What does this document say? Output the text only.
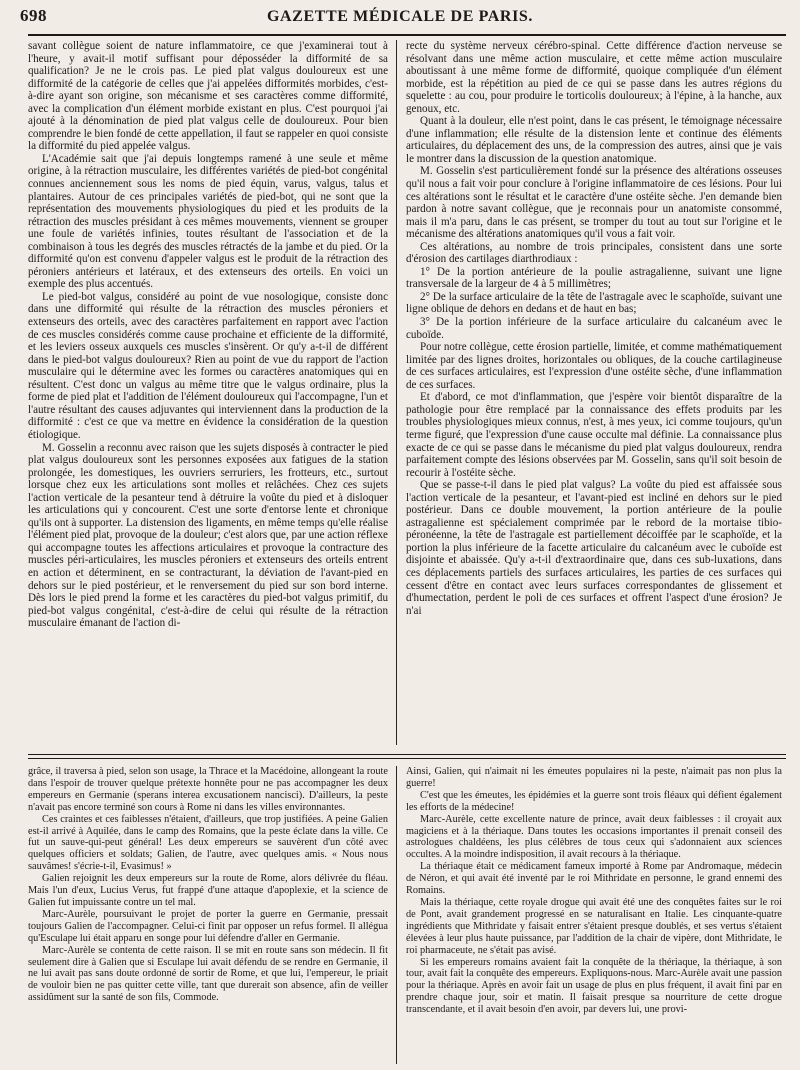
698	GAZETTE MÉDICALE DE PARIS.

savant collègue soient de nature inflammatoire, ce que j'examinerai tout à l'heure, y avait-il motif suffisant pour déposséder la difformité de sa qualification? Je ne le crois pas. Le pied plat valgus douloureux est une difformité de la catégorie de celles que j'ai appelées difformités morbides, c'est-à-dire ayant son origine, son mécanisme et ses caractères comme difformité, avec la complication d'un élément morbide existant en plus. C'est pourquoi j'ai ajouté à la dénomination de pied plat valgus celle de douloureux. Pour bien comprendre le bien fondé de cette appellation, il faut se rappeler en quoi consiste la difformité du pied appelée valgus.

L'Académie sait que j'ai depuis longtemps ramené à une seule et même origine, à la rétraction musculaire, les différentes variétés de pied-bot congénital connues anciennement sous les noms de pied équin, varus, valgus, talus et plantaires. Autour de ces principales variétés de pied-bot, qui ne sont que la représentation des mouvements physiologiques du pied et les produits de la rétraction des muscles présidant à ces mêmes mouvements, viennent se grouper une foule de variétés infinies, toutes résultant de l'association et de la combinaison à tous les degrés des muscles rétractés de la jambe et du pied. Or la difformité qu'on est convenu d'appeler valgus est le produit de la rétraction des péroniers antérieurs et latéraux, et des extenseurs des orteils. En voici un exemple des plus accentués.

Le pied-bot valgus, considéré au point de vue nosologique, consiste donc dans une difformité qui résulte de la rétraction des muscles péroniers et extenseurs des orteils, avec des caractères parfaitement en rapport avec l'action de ces muscles considérés comme cause prochaine et efficiente de la difformité, et les leviers osseux auxquels ces muscles s'insèrent. Or qu'y a-t-il de différent dans le pied-bot valgus douloureux? Rien au point de vue du rapport de l'action musculaire qui le détermine avec les formes ou caractères anatomiques qui en résultent. C'est donc un valgus au même titre que le valgus ordinaire, plus la forme de pied plat et l'addition de l'élément douloureux qui l'accompagne, l'un et l'autre résultant des causes adjuvantes qui interviennent dans la production de la difformité : c'est ce que va mettre en évidence la considération de la question étiologique.

M. Gosselin a reconnu avec raison que les sujets disposés à contracter le pied plat valgus douloureux sont les personnes exposées aux fatigues de la station prolongée, les domestiques, les ouvriers serruriers, les frotteurs, etc., surtout lorsque chez eux les articulations sont molles et relâchées. Chez ces sujets l'action verticale de la pesanteur tend à détruire la voûte du pied et à disloquer les articulations qui y concourent. C'est une sorte d'entorse lente et chronique qu'ils ont à supporter. La distension des ligaments, en même temps qu'elle réalise l'élément pied plat, provoque de la douleur; c'est alors que, par une action réflexe qui accompagne toutes les affections articulaires et provoque la contracture des muscles péri-articulaires, les muscles péroniers et extenseurs des orteils entrent en action et déterminent, en se contracturant, la déviation de l'avant-pied en dehors sur le pied postérieur, et le renversement du pied sur son bord interne. Dès lors le pied prend la forme et les caractères du pied-bot valgus primitif, du pied-bot valgus congénital, c'est-à-dire de celui qui résulte de la rétraction musculaire émanant de l'action di-

recte du système nerveux cérébro-spinal. Cette différence d'action nerveuse se résolvant dans une même action musculaire, et cette même action musculaire aboutissant à une même forme de difformité, quoique compliquée d'un élément morbide, est la répétition au pied de ce qui se passe dans les autres régions du squelette : au cou, pour produire le torticolis douloureux; à l'épine, à la hanche, aux genoux, etc.

Quant à la douleur, elle n'est point, dans le cas présent, le témoignage nécessaire d'une inflammation; elle résulte de la distension lente et continue des éléments articulaires, du déplacement des uns, de la compression des autres, ainsi que je vais le montrer dans la discussion de la question anatomique.

M. Gosselin s'est particulièrement fondé sur la présence des altérations osseuses qu'il nous a fait voir pour conclure à l'origine inflammatoire de ces lésions. Pour lui ces altérations sont le résultat et le caractère d'une ostéite sèche. J'en demande bien pardon à notre savant collègue, que je reconnais pour un anatomiste consommé, mais il m'a paru, dans le cas présent, se tromper du tout au tout sur l'origine et le mécanisme des altérations anatomiques qu'il vous a fait voir.

Ces altérations, au nombre de trois principales, consistent dans une sorte d'érosion des cartilages diarthrodiaux :

1° De la portion antérieure de la poulie astragalienne, suivant une ligne transversale de la largeur de 4 à 5 millimètres;

2° De la surface articulaire de la tête de l'astragale avec le scaphoïde, suivant une ligne oblique de dehors en dedans et de haut en bas;

3° De la portion inférieure de la surface articulaire du calcanéum avec le cuboïde.

Pour notre collègue, cette érosion partielle, limitée, et comme mathématiquement limitée par des lignes droites, horizontales ou obliques, de la couche cartilagineuse de ces surfaces articulaires, est l'expression d'une ostéite sèche, d'une inflammation de ces surfaces.

Et d'abord, ce mot d'inflammation, que j'espère voir bientôt disparaître de la pathologie pour être remplacé par la connaissance des effets produits par les troubles physiologiques mieux connus, n'est, à mes yeux, ici comme toujours, qu'un terme figuré, que l'expression d'une cause occulte mal définie. La connaissance plus exacte de ce qui se passe dans le mécanisme du pied plat valgus douloureux, rendra parfaitement compte des lésions observées par M. Gosselin, sans qu'il soit besoin de recourir à l'ostéite sèche.

Que se passe-t-il dans le pied plat valgus? La voûte du pied est affaissée sous l'action verticale de la pesanteur, et l'avant-pied est incliné en dehors sur le pied postérieur. Dans ce double mouvement, la portion antérieure de la poulie astragalienne est spécialement comprimée par le rebord de la mortaise tibio-péronéenne, la tête de l'astragale est partiellement décoiffée par le scaphoïde, et la portion la plus inférieure de la facette articulaire du calcanéum avec le cuboïde est disjointe et abaissée. Qu'y a-t-il d'extraordinaire que, dans ces sub-luxations, dans ces déplacements partiels des surfaces articulaires, les parties de ces surfaces qui cessent d'être en contact avec leurs surfaces correspondantes de glissement et d'humectation, perdent le poli de ces surfaces et offrent l'aspect d'une érosion? Je n'ai

grâce, il traversa à pied, selon son usage, la Thrace et la Macédoine, allongeant la route dans l'espoir de trouver quelque prétexte honnête pour ne pas accompagner les deux empereurs en Germanie (sperans interea excusationem nancisci). D'ailleurs, la peste n'avait pas encore terminé son cours à Rome ni dans les villes environnantes.

Ces craintes et ces faiblesses n'étaient, d'ailleurs, que trop justifiées. A peine Galien est-il arrivé à Aquilée, dans le camp des Romains, que la peste éclate dans la ville. Ce fut un sauve-qui-peut général! Les deux empereurs se sauvèrent d'un côté avec quelques officiers et soldats; Galien, de l'autre, avec quelques amis. « Nous nous sauvâmes! s'écrie-t-il, Evasimus! »

Galien rejoignit les deux empereurs sur la route de Rome, alors délivrée du fléau. Mais l'un d'eux, Lucius Verus, fut frappé d'une attaque d'apoplexie, et la science de Galien fut impuissante contre un tel mal.

Marc-Aurèle, poursuivant le projet de porter la guerre en Germanie, pressait toujours Galien de l'accompagner. Celui-ci finit par opposer un refus formel. Il allégua qu'Esculape lui était apparu en songe pour lui défendre d'aller en Germanie.

Marc-Aurèle se contenta de cette raison. Il se mit en route sans son médecin. Il fit seulement dire à Galien que si Esculape lui avait défendu de se rendre en Germanie, il ne lui avait pas sans doute ordonné de sortir de Rome, et que lui, l'empereur, le priait de vouloir bien ne pas quitter cette ville, tant que durerait son absence, afin de veiller assidûment sur la santé de son fils, Commode.

Ainsi, Galien, qui n'aimait ni les émeutes populaires ni la peste, n'aimait pas non plus la guerre!

C'est que les émeutes, les épidémies et la guerre sont trois fléaux qui défient également les efforts de la médecine!

Marc-Aurèle, cette excellente nature de prince, avait deux faiblesses : il croyait aux magiciens et à la thériaque. Dans toutes les occasions importantes il prenait conseil des astrologues chaldéens, les plus célèbres de tous ceux qui s'adonnaient aux sciences occultes. A la moindre indisposition, il avait recours à la thériaque.

La thériaque était ce médicament fameux importé à Rome par Andromaque, médecin de Néron, et qui avait été inventé par le roi Mithridate en personne, le grand ennemi des Romains.

Mais la thériaque, cette royale drogue qui avait été une des conquêtes faites sur le roi de Pont, avait grandement progressé en se naturalisant en Italie. Les cinquante-quatre ingrédients que Mithridate y faisait entrer s'étaient presque doublés, et ses vertus s'étaient élevées à leur plus haute puissance, par l'addition de la chair de vipère, dont Mithridate, le roi pharmaceute, ne s'était pas avisé.

Si les empereurs romains avaient fait la conquête de la thériaque, la thériaque, à son tour, avait fait la conquête des empereurs. Expliquons-nous. Marc-Aurèle avait une passion pour la thériaque. Après en avoir fait un usage de plus en plus fréquent, il avait fini par en prendre chaque jour, soir et matin. Il faisait presque sa nourriture de cette drogue transcendante, et il avait besoin d'en avoir, par devers lui, une provi-
